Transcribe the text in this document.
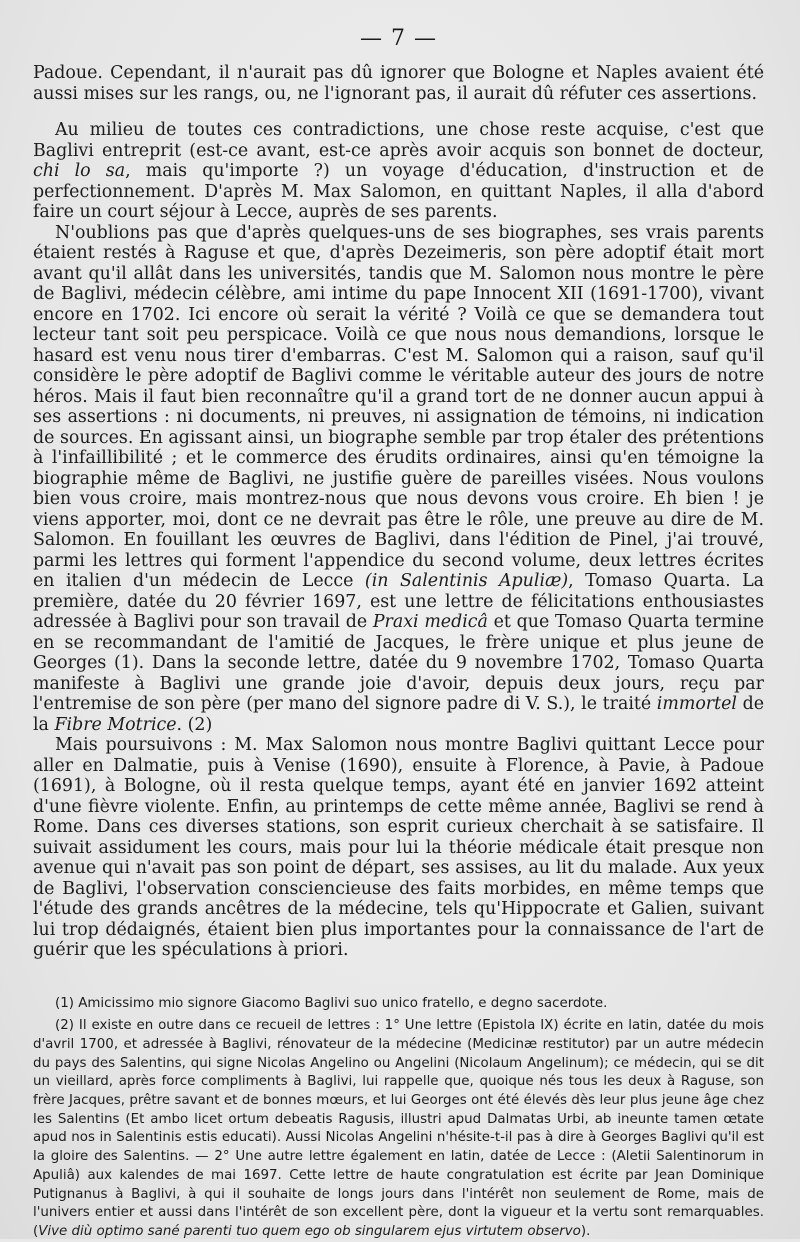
— 7 —

Padoue. Cependant, il n'aurait pas dû ignorer que Bologne et Naples avaient été aussi mises sur les rangs, ou, ne l'ignorant pas, il aurait dû réfuter ces assertions.

Au milieu de toutes ces contradictions, une chose reste acquise, c'est que Baglivi entreprit (est-ce avant, est-ce après avoir acquis son bonnet de docteur, chi lo sa, mais qu'importe ?) un voyage d'éducation, d'instruction et de perfectionnement. D'après M. Max Salomon, en quittant Naples, il alla d'abord faire un court séjour à Lecce, auprès de ses parents.

N'oublions pas que d'après quelques-uns de ses biographes, ses vrais parents étaient restés à Raguse et que, d'après Dezeimeris, son père adoptif était mort avant qu'il allât dans les universités, tandis que M. Salomon nous montre le père de Baglivi, médecin célèbre, ami intime du pape Innocent XII (1691-1700), vivant encore en 1702. Ici encore où serait la vérité ? Voilà ce que se demandera tout lecteur tant soit peu perspicace. Voilà ce que nous nous demandions, lorsque le hasard est venu nous tirer d'embarras. C'est M. Salomon qui a raison, sauf qu'il considère le père adoptif de Baglivi comme le véritable auteur des jours de notre héros. Mais il faut bien reconnaître qu'il a grand tort de ne donner aucun appui à ses assertions : ni documents, ni preuves, ni assignation de témoins, ni indication de sources. En agissant ainsi, un biographe semble par trop étaler des prétentions à l'infaillibilité ; et le commerce des érudits ordinaires, ainsi qu'en témoigne la biographie même de Baglivi, ne justifie guère de pareilles visées. Nous voulons bien vous croire, mais montrez-nous que nous devons vous croire. Eh bien ! je viens apporter, moi, dont ce ne devrait pas être le rôle, une preuve au dire de M. Salomon. En fouillant les œuvres de Baglivi, dans l'édition de Pinel, j'ai trouvé, parmi les lettres qui forment l'appendice du second volume, deux lettres écrites en italien d'un médecin de Lecce (in Salentinis Apuliæ), Tomaso Quarta. La première, datée du 20 février 1697, est une lettre de félicitations enthousiastes adressée à Baglivi pour son travail de Praxi medicâ et que Tomaso Quarta termine en se recommandant de l'amitié de Jacques, le frère unique et plus jeune de Georges (1). Dans la seconde lettre, datée du 9 novembre 1702, Tomaso Quarta manifeste à Baglivi une grande joie d'avoir, depuis deux jours, reçu par l'entremise de son père (per mano del signore padre di V. S.), le traité immortel de la Fibre Motrice. (2)

Mais poursuivons : M. Max Salomon nous montre Baglivi quittant Lecce pour aller en Dalmatie, puis à Venise (1690), ensuite à Florence, à Pavie, à Padoue (1691), à Bologne, où il resta quelque temps, ayant été en janvier 1692 atteint d'une fièvre violente. Enfin, au printemps de cette même année, Baglivi se rend à Rome. Dans ces diverses stations, son esprit curieux cherchait à se satisfaire. Il suivait assidument les cours, mais pour lui la théorie médicale était presque non avenue qui n'avait pas son point de départ, ses assises, au lit du malade. Aux yeux de Baglivi, l'observation consciencieuse des faits morbides, en même temps que l'étude des grands ancêtres de la médecine, tels qu'Hippocrate et Galien, suivant lui trop dédaignés, étaient bien plus importantes pour la connaissance de l'art de guérir que les spéculations à priori.

(1) Amicissimo mio signore Giacomo Baglivi suo unico fratello, e degno sacerdote.

(2) Il existe en outre dans ce recueil de lettres : 1° Une lettre (Epistola IX) écrite en latin, datée du mois d'avril 1700, et adressée à Baglivi, rénovateur de la médecine (Medicinæ restitutor) par un autre médecin du pays des Salentins, qui signe Nicolas Angelino ou Angelini (Nicolaum Angelinum); ce médecin, qui se dit un vieillard, après force compliments à Baglivi, lui rappelle que, quoique nés tous les deux à Raguse, son frère Jacques, prêtre savant et de bonnes mœurs, et lui Georges ont été élevés dès leur plus jeune âge chez les Salentins (Et ambo licet ortum debeatis Ragusis, illustri apud Dalmatas Urbi, ab ineunte tamen œtate apud nos in Salentinis estis educati). Aussi Nicolas Angelini n'hésite-t-il pas à dire à Georges Baglivi qu'il est la gloire des Salentins. — 2° Une autre lettre également en latin, datée de Lecce : (Aletii Salentinorum in Apuliâ) aux kalendes de mai 1697. Cette lettre de haute congratulation est écrite par Jean Dominique Putignanus à Baglivi, à qui il souhaite de longs jours dans l'intérêt non seulement de Rome, mais de l'univers entier et aussi dans l'intérêt de son excellent père, dont la vigueur et la vertu sont remarquables. (Vive diù optimo sané parenti tuo quem ego ob singularem ejus virtutem observo).
